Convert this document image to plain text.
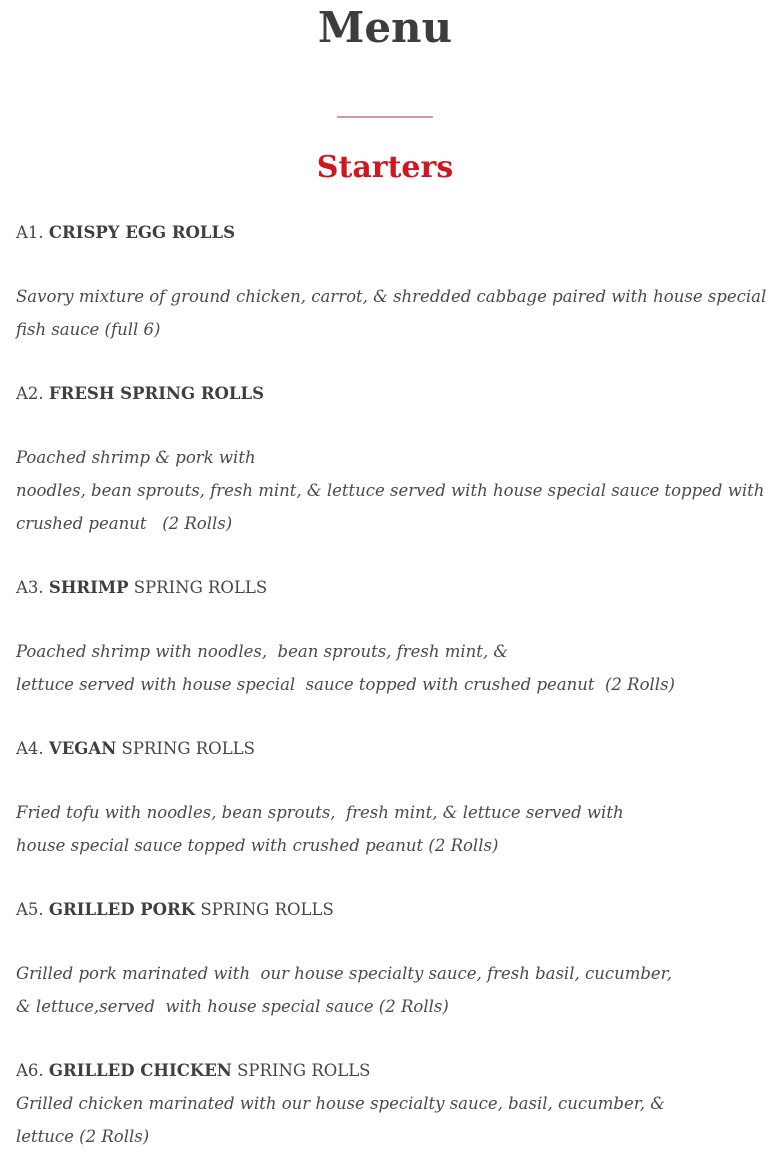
Menu
Starters
A1. CRISPY EGG ROLLS
Savory mixture of ground chicken, carrot, & shredded cabbage paired with house special
fish sauce (full 6)
A2. FRESH SPRING ROLLS
Poached shrimp & pork with
noodles, bean sprouts, fresh mint, & lettuce served with house special sauce topped with
crushed peanut   (2 Rolls)
A3. SHRIMP SPRING ROLLS
Poached shrimp with noodles,  bean sprouts, fresh mint, &
lettuce served with house special  sauce topped with crushed peanut  (2 Rolls)
A4. VEGAN SPRING ROLLS
Fried tofu with noodles, bean sprouts,  fresh mint, & lettuce served with
house special sauce topped with crushed peanut (2 Rolls)
A5. GRILLED PORK SPRING ROLLS
Grilled pork marinated with  our house specialty sauce, fresh basil, cucumber,
& lettuce,served  with house special sauce (2 Rolls)
A6. GRILLED CHICKEN SPRING ROLLS
Grilled chicken marinated with our house specialty sauce, basil, cucumber, &
lettuce (2 Rolls)
